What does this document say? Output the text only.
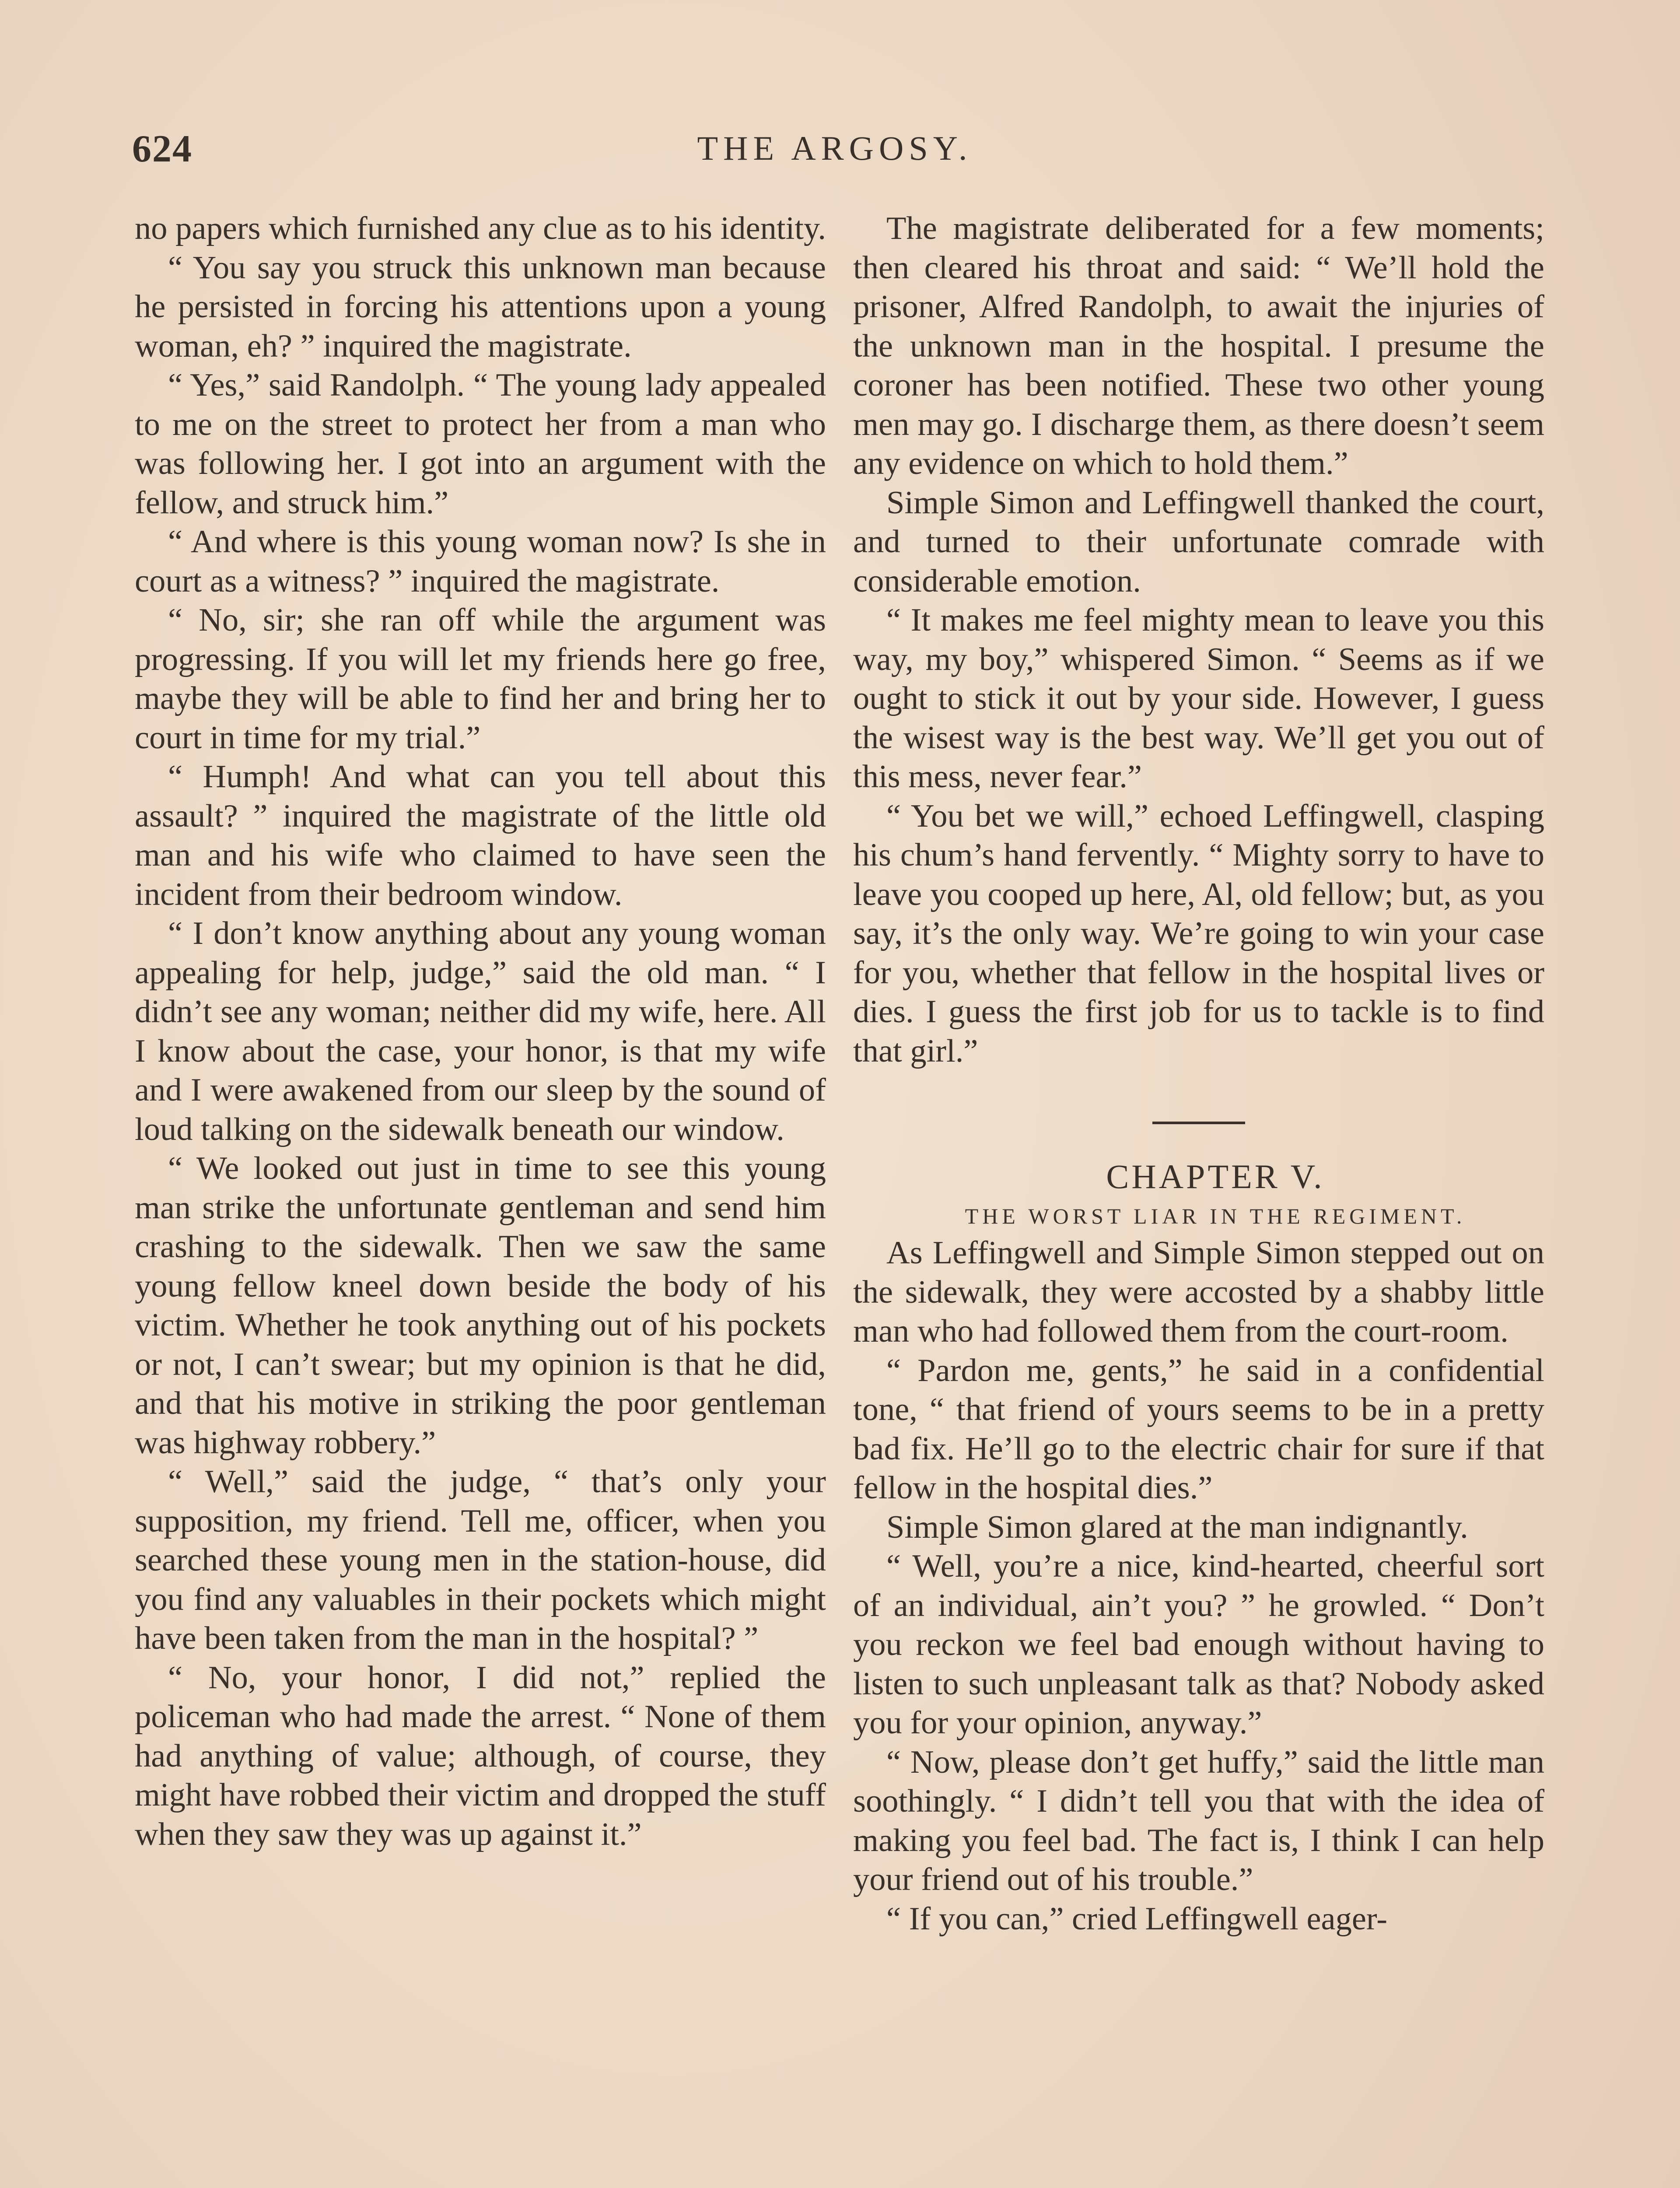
624	THE ARGOSY.

no papers which furnished any clue as to his identity.

“ You say you struck this unknown man because he persisted in forcing his attentions upon a young woman, eh? ” inquired the magistrate.

“ Yes,” said Randolph. “ The young lady appealed to me on the street to protect her from a man who was following her. I got into an argument with the fellow, and struck him.”

“ And where is this young woman now? Is she in court as a witness? ” inquired the magistrate.

“ No, sir; she ran off while the argument was progressing. If you will let my friends here go free, maybe they will be able to find her and bring her to court in time for my trial.”

“ Humph! And what can you tell about this assault? ” inquired the magistrate of the little old man and his wife who claimed to have seen the incident from their bedroom window.

“ I don’t know anything about any young woman appealing for help, judge,” said the old man. “ I didn’t see any woman; neither did my wife, here. All I know about the case, your honor, is that my wife and I were awakened from our sleep by the sound of loud talking on the sidewalk beneath our window.

“ We looked out just in time to see this young man strike the unfortunate gentleman and send him crashing to the sidewalk. Then we saw the same young fellow kneel down beside the body of his victim. Whether he took anything out of his pockets or not, I can’t swear; but my opinion is that he did, and that his motive in striking the poor gentleman was highway robbery.”

“ Well,” said the judge, “ that’s only your supposition, my friend. Tell me, officer, when you searched these young men in the station-house, did you find any valuables in their pockets which might have been taken from the man in the hospital? ”

“ No, your honor, I did not,” replied the policeman who had made the arrest. “ None of them had anything of value; although, of course, they might have robbed their victim and dropped the stuff when they saw they was up against it.”

The magistrate deliberated for a few moments; then cleared his throat and said: “ We’ll hold the prisoner, Alfred Randolph, to await the injuries of the unknown man in the hospital. I presume the coroner has been notified. These two other young men may go. I discharge them, as there doesn’t seem any evidence on which to hold them.”

Simple Simon and Leffingwell thanked the court, and turned to their unfortunate comrade with considerable emotion.

“ It makes me feel mighty mean to leave you this way, my boy,” whispered Simon. “ Seems as if we ought to stick it out by your side. However, I guess the wisest way is the best way. We’ll get you out of this mess, never fear.”

“ You bet we will,” echoed Leffingwell, clasping his chum’s hand fervently. “ Mighty sorry to have to leave you cooped up here, Al, old fellow; but, as you say, it’s the only way. We’re going to win your case for you, whether that fellow in the hospital lives or dies. I guess the first job for us to tackle is to find that girl.”

CHAPTER V.

THE WORST LIAR IN THE REGIMENT.

As Leffingwell and Simple Simon stepped out on the sidewalk, they were accosted by a shabby little man who had followed them from the court-room.

“ Pardon me, gents,” he said in a confidential tone, “ that friend of yours seems to be in a pretty bad fix. He’ll go to the electric chair for sure if that fellow in the hospital dies.”

Simple Simon glared at the man indignantly.

“ Well, you’re a nice, kind-hearted, cheerful sort of an individual, ain’t you? ” he growled. “ Don’t you reckon we feel bad enough without having to listen to such unpleasant talk as that? Nobody asked you for your opinion, anyway.”

“ Now, please don’t get huffy,” said the little man soothingly. “ I didn’t tell you that with the idea of making you feel bad. The fact is, I think I can help your friend out of his trouble.”

“ If you can,” cried Leffingwell eager-
